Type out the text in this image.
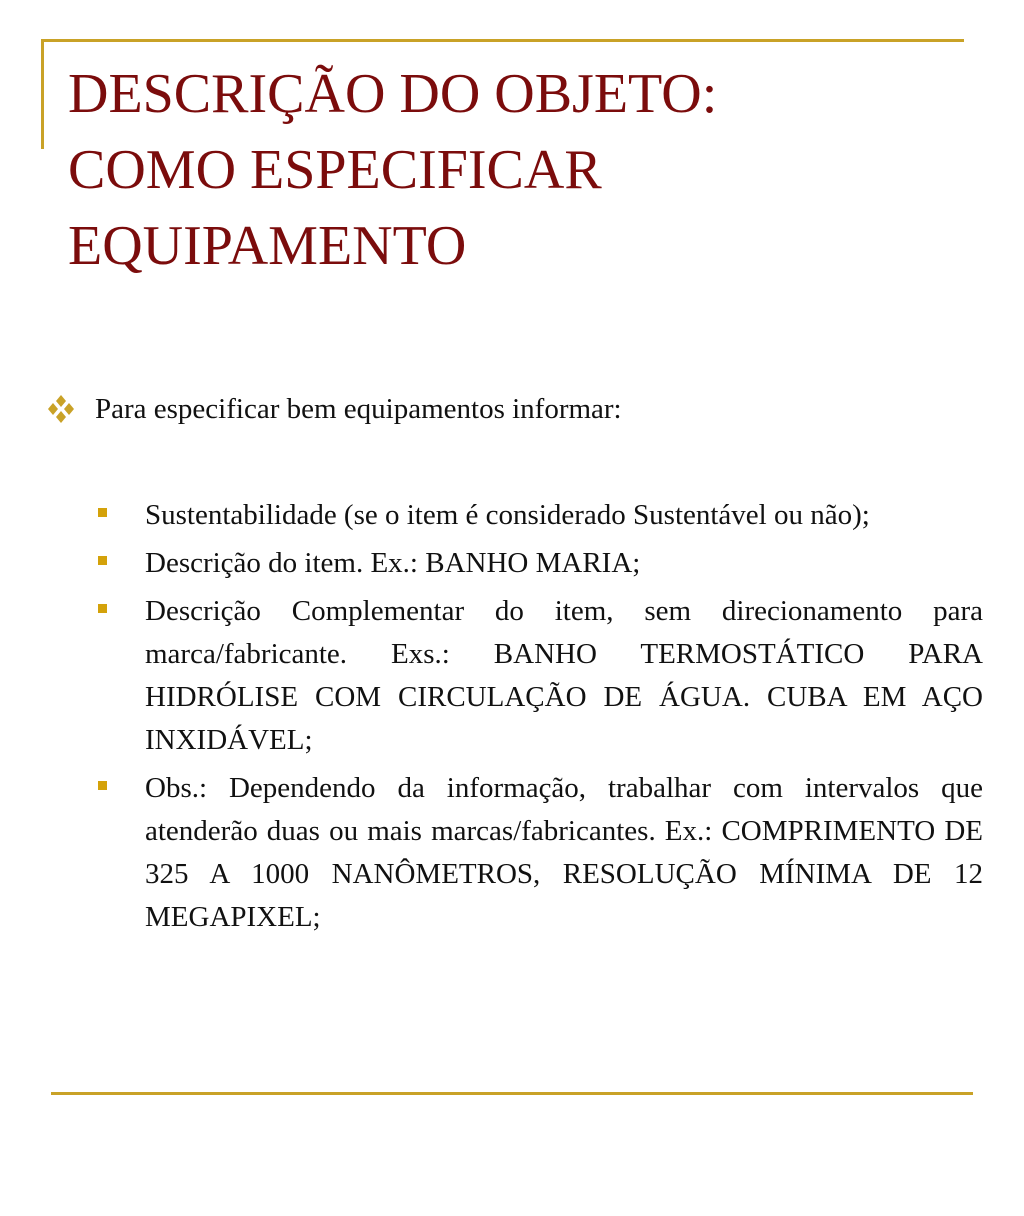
DESCRIÇÃO DO OBJETO:
COMO ESPECIFICAR
EQUIPAMENTO
Para especificar bem equipamentos informar:
Sustentabilidade (se o item é considerado Sustentável ou não);
Descrição do item. Ex.: BANHO MARIA;
Descrição Complementar do item, sem direcionamento para marca/fabricante. Exs.: BANHO TERMOSTÁTICO PARA HIDRÓLISE COM CIRCULAÇÃO DE ÁGUA. CUBA EM AÇO INXIDÁVEL;
Obs.: Dependendo da informação, trabalhar com intervalos que atenderão duas ou mais marcas/fabricantes. Ex.: COMPRIMENTO DE 325 A 1000 NANÔMETROS, RESOLUÇÃO MÍNIMA DE 12 MEGAPIXEL;
